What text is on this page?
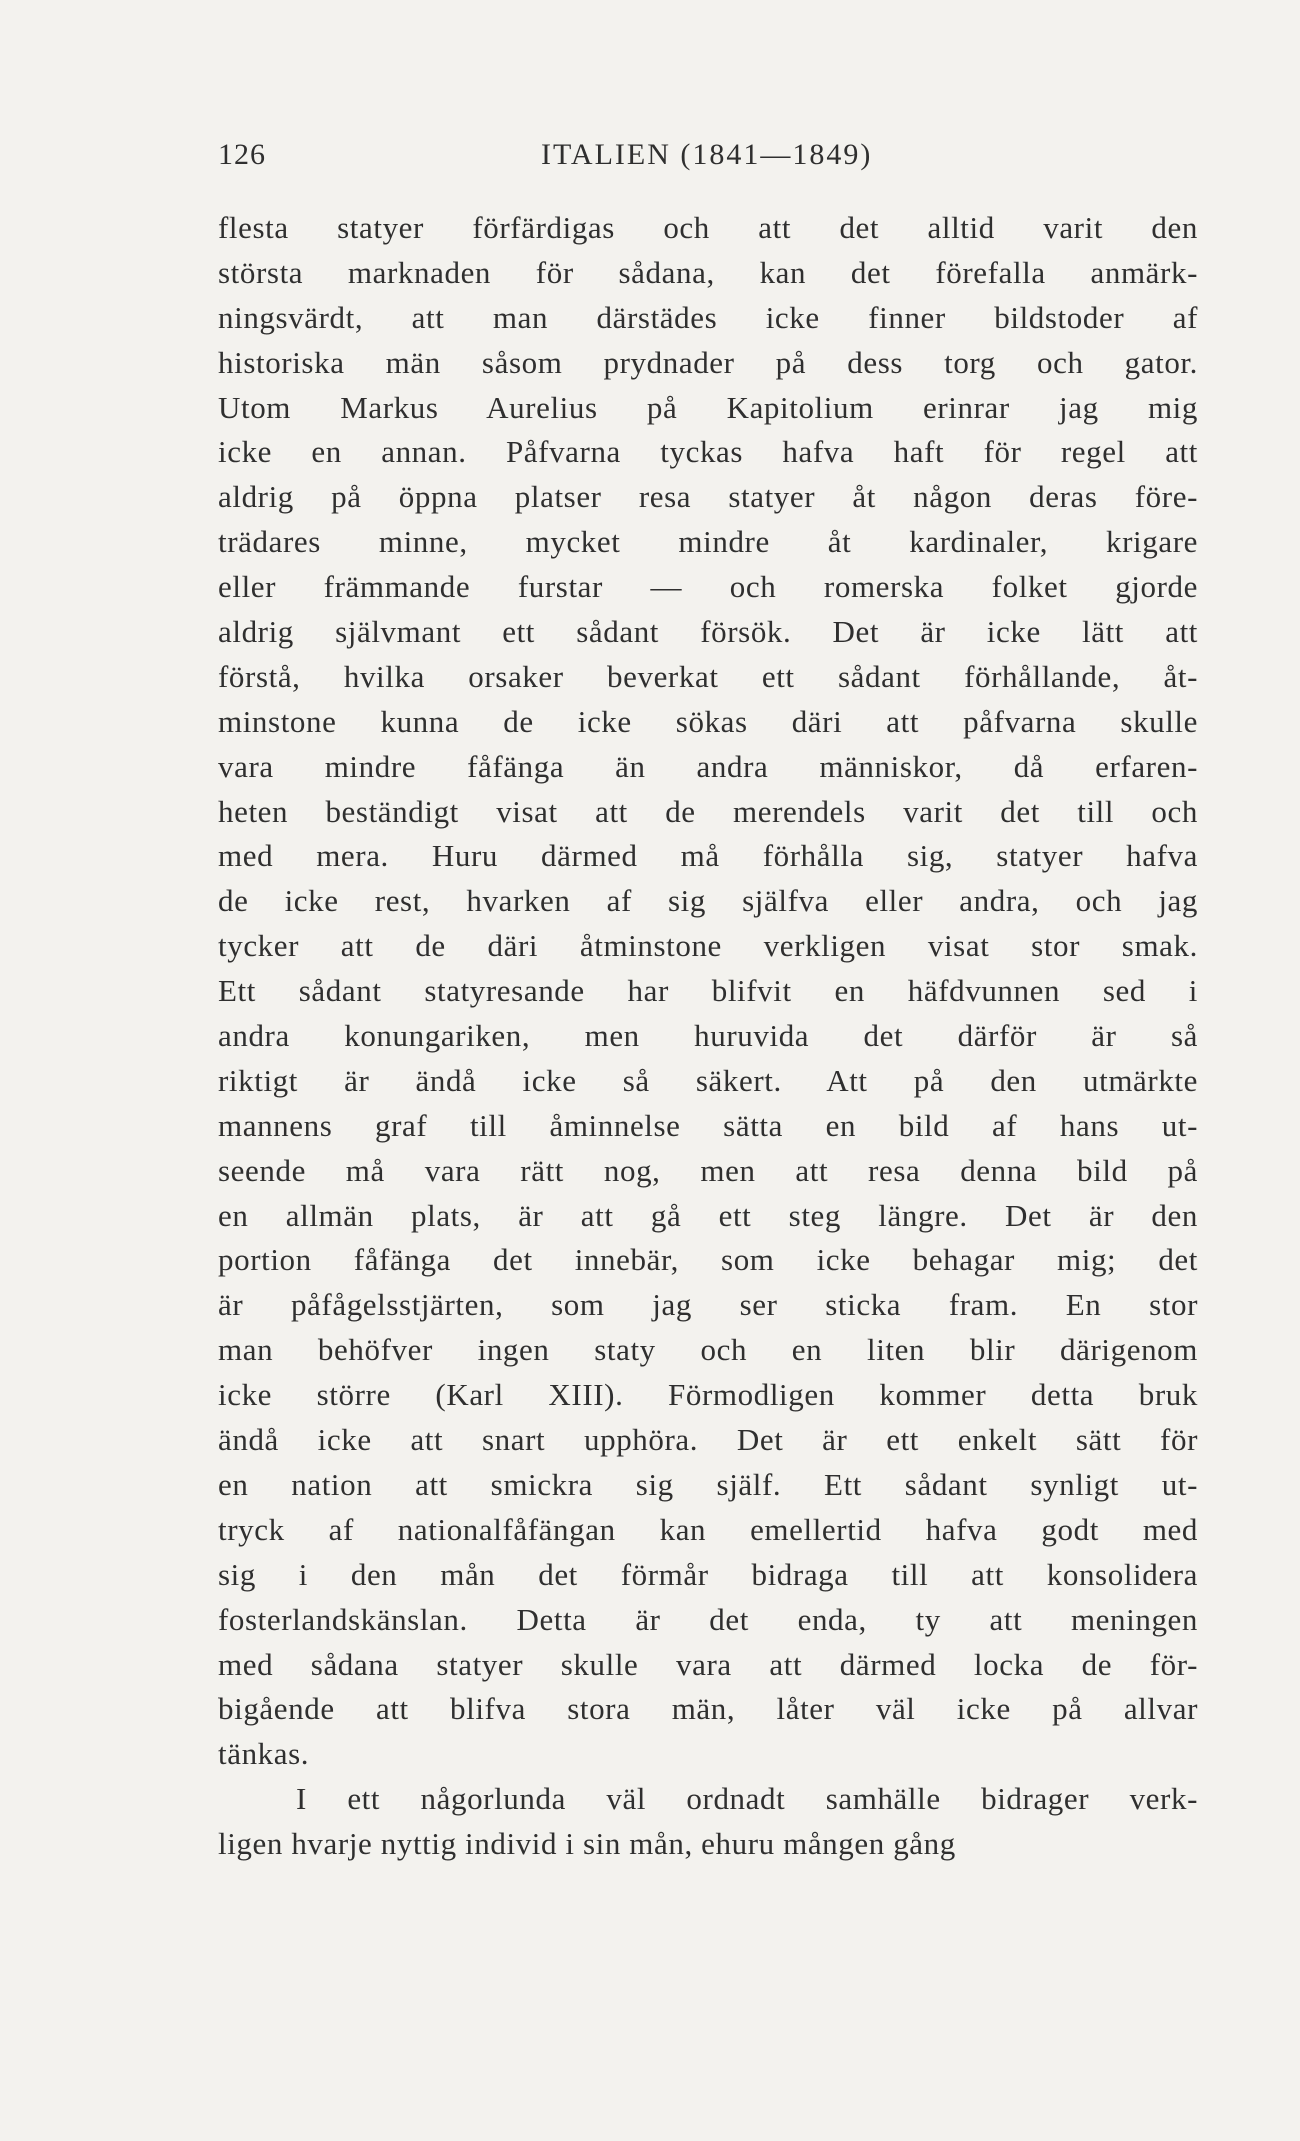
126	ITALIEN (1841—1849)
flesta statyer förfärdigas och att det alltid varit den
största marknaden för sådana, kan det förefalla anmärk-
ningsvärdt, att man därstädes icke finner bildstoder af
historiska män såsom prydnader på dess torg och gator.
Utom Markus Aurelius på Kapitolium erinrar jag mig
icke en annan. Påfvarna tyckas hafva haft för regel att
aldrig på öppna platser resa statyer åt någon deras före-
trädares minne, mycket mindre åt kardinaler, krigare
eller främmande furstar — och romerska folket gjorde
aldrig självmant ett sådant försök. Det är icke lätt att
förstå, hvilka orsaker beverkat ett sådant förhållande, åt-
minstone kunna de icke sökas däri att påfvarna skulle
vara mindre fåfänga än andra människor, då erfaren-
heten beständigt visat att de merendels varit det till och
med mera. Huru därmed må förhålla sig, statyer hafva
de icke rest, hvarken af sig själfva eller andra, och jag
tycker att de däri åtminstone verkligen visat stor smak.
Ett sådant statyresande har blifvit en häfdvunnen sed i
andra konungariken, men huruvida det därför är så
riktigt är ändå icke så säkert. Att på den utmärkte
mannens graf till åminnelse sätta en bild af hans ut-
seende må vara rätt nog, men att resa denna bild på
en allmän plats, är att gå ett steg längre. Det är den
portion fåfänga det innebär, som icke behagar mig; det
är påfågelsstjärten, som jag ser sticka fram. En stor
man behöfver ingen staty och en liten blir därigenom
icke större (Karl XIII). Förmodligen kommer detta bruk
ändå icke att snart upphöra. Det är ett enkelt sätt för
en nation att smickra sig själf. Ett sådant synligt ut-
tryck af nationalfåfängan kan emellertid hafva godt med
sig i den mån det förmår bidraga till att konsolidera
fosterlandskänslan. Detta är det enda, ty att meningen
med sådana statyer skulle vara att därmed locka de för-
bigående att blifva stora män, låter väl icke på allvar
tänkas.
I ett någorlunda väl ordnadt samhälle bidrager verk-
ligen hvarje nyttig individ i sin mån, ehuru mången gång
